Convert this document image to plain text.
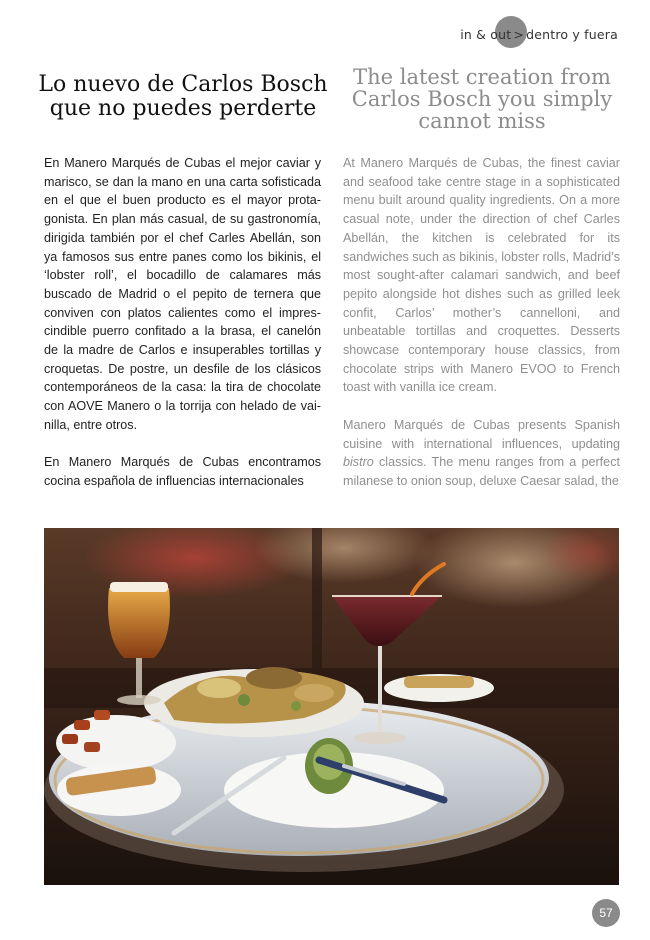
in & out > dentro y fuera
Lo nuevo de Carlos Bosch que no puedes perderte
The latest creation from Carlos Bosch you simply cannot miss

En Manero Marqués de Cubas el mejor caviar y marisco, se dan la mano en una carta sofisticada en el que el buen producto es el mayor protagonista. En plan más casual, de su gastronomía, dirigida también por el chef Carles Abellán, son ya famosos sus entre panes como los bikinis, el ‘lobster roll’, el bocadillo de calamares más buscado de Madrid o el pepito de ternera que conviven con platos calientes como el imprescindible puerro confitado a la brasa, el canelón de la madre de Carlos e insuperables tortillas y croquetas. De postre, un desfile de los clásicos contemporáneos de la casa: la tira de chocolate con AOVE Manero o la torrija con helado de vainilla, entre otros.

En Manero Marqués de Cubas encontramos cocina española de influencias internacionales

At Manero Marqués de Cubas, the finest caviar and seafood take centre stage in a sophisticated menu built around quality ingredients. On a more casual note, under the direction of chef Carles Abellán, the kitchen is celebrated for its sandwiches such as bikinis, lobster rolls, Madrid’s most sought-after calamari sandwich, and beef pepito alongside hot dishes such as grilled leek confit, Carlos’ mother’s cannelloni, and unbeatable tortillas and croquettes. Desserts showcase contemporary house classics, from chocolate strips with Manero EVOO to French toast with vanilla ice cream.

Manero Marqués de Cubas presents Spanish cuisine with international influences, updating bistro classics. The menu ranges from a perfect milanese to onion soup, deluxe Caesar salad, the

57
